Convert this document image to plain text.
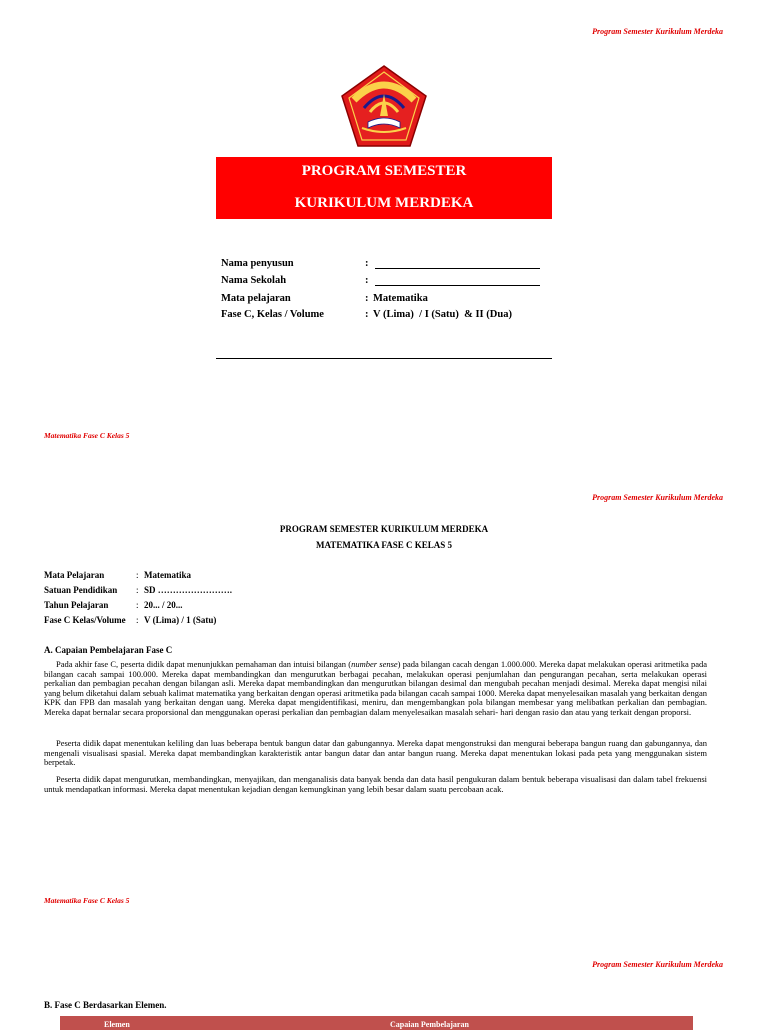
Program Semester Kurikulum Merdeka
PROGRAM SEMESTER
KURIKULUM MERDEKA
Nama penyusun	:
Nama Sekolah	:
Mata pelajaran	: Matematika
Fase C, Kelas / Volume	: V (Lima)  / I (Satu)  & II (Dua)
Matematika Fase C Kelas 5
Program Semester Kurikulum Merdeka
PROGRAM SEMESTER KURIKULUM MERDEKA
MATEMATIKA FASE C KELAS 5
Mata Pelajaran	: Matematika
Satuan Pendidikan	: SD …………………….
Tahun Pelajaran	: 20... / 20...
Fase C Kelas/Volume	: V (Lima) / 1 (Satu)
A. Capaian Pembelajaran Fase C
Pada akhir fase C, peserta didik dapat menunjukkan pemahaman dan intuisi bilangan (number sense) pada bilangan cacah dengan 1.000.000. Mereka dapat melakukan operasi aritmetika pada bilangan cacah sampai 100.000. Mereka dapat membandingkan dan mengurutkan berbagai pecahan, melakukan operasi penjumlahan dan pengurangan pecahan, serta melakukan operasi perkalian dan pembagian pecahan dengan bilangan asli. Mereka dapat membandingkan dan mengurutkan bilangan desimal dan mengubah pecahan menjadi desimal. Mereka dapat mengisi nilai yang belum diketahui dalam sebuah kalimat matematika yang berkaitan dengan operasi aritmetika pada bilangan cacah sampai 1000. Mereka dapat menyelesaikan masalah yang berkaitan dengan KPK dan FPB dan masalah yang berkaitan dengan uang. Mereka dapat mengidentifikasi, meniru, dan mengembangkan pola bilangan membesar yang melibatkan perkalian dan pembagian. Mereka dapat bernalar secara proporsional dan menggunakan operasi perkalian dan pembagian dalam menyelesaikan masalah sehari- hari dengan rasio dan atau yang terkait dengan proporsi.
Peserta didik dapat menentukan keliling dan luas beberapa bentuk bangun datar dan gabungannya. Mereka dapat mengonstruksi dan mengurai beberapa bangun ruang dan gabungannya, dan mengenali visualisasi spasial. Mereka dapat membandingkan karakteristik antar bangun datar dan antar bangun ruang. Mereka dapat menentukan lokasi pada peta yang menggunakan sistem berpetak.
Peserta didik dapat mengurutkan, membandingkan, menyajikan, dan menganalisis data banyak benda dan data hasil pengukuran dalam bentuk beberapa visualisasi dan dalam tabel frekuensi untuk mendapatkan informasi. Mereka dapat menentukan kejadian dengan kemungkinan yang lebih besar dalam suatu percobaan acak.
Matematika Fase C Kelas 5
Program Semester Kurikulum Merdeka
B. Fase C Berdasarkan Elemen.
Elemen	Capaian Pembelajaran
